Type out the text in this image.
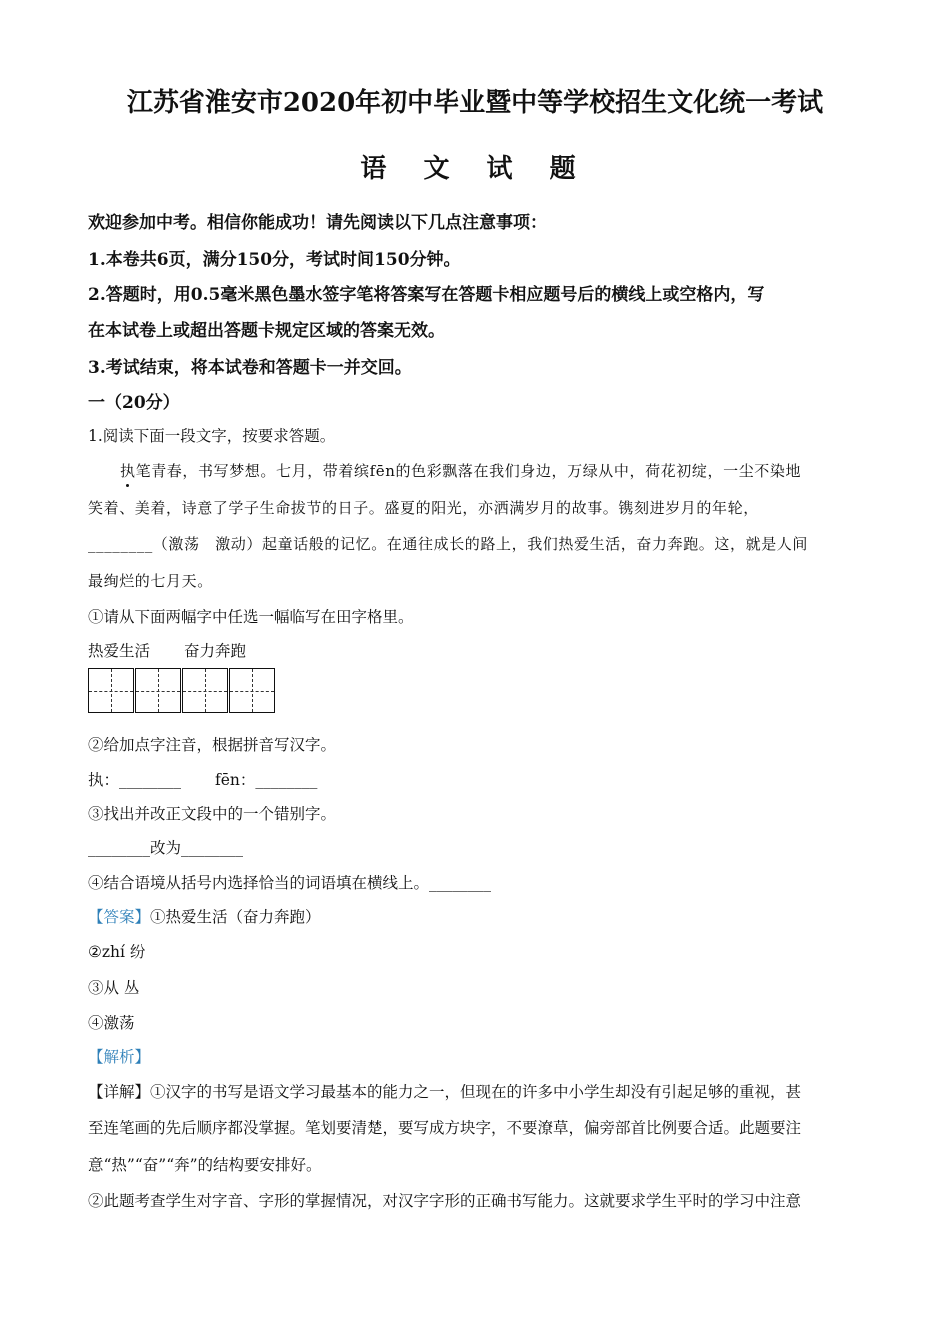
江苏省淮安市2020年初中毕业暨中等学校招生文化统一考试
语 文 试 题
欢迎参加中考。相信你能成功！请先阅读以下几点注意事项：
1.本卷共6页，满分150分，考试时间150分钟。
2.答题时，用0.5毫米黑色墨水签字笔将答案写在答题卡相应题号后的横线上或空格内，写
在本试卷上或超出答题卡规定区域的答案无效。
3.考试结束，将本试卷和答题卡一并交回。
一（20分）
1.阅读下面一段文字，按要求答题。
执笔青春，书写梦想。七月，带着缤fēn的色彩飘落在我们身边，万绿从中，荷花初绽，一尘不染地
笑着、美着，诗意了学子生命拔节的日子。盛夏的阳光，亦洒满岁月的故事。镌刻进岁月的年轮，
________（激荡　激动）起童话般的记忆。在通往成长的路上，我们热爱生活，奋力奔跑。这，就是人间
最绚烂的七月天。
①请从下面两幅字中任选一幅临写在田字格里。
热爱生活 奋力奔跑
②给加点字注音，根据拼音写汉字。
执：________ fēn：________
③找出并改正文段中的一个错别字。
________改为________
④结合语境从括号内选择恰当的词语填在横线上。________
【答案】①热爱生活（奋力奔跑）
②zhí 纷
③从 丛
④激荡
【解析】
【详解】①汉字的书写是语文学习最基本的能力之一，但现在的许多中小学生却没有引起足够的重视，甚
至连笔画的先后顺序都没掌握。笔划要清楚，要写成方块字，不要潦草，偏旁部首比例要合适。此题要注
意“热”“奋”“奔”的结构要安排好。
②此题考查学生对字音、字形的掌握情况，对汉字字形的正确书写能力。这就要求学生平时的学习中注意
